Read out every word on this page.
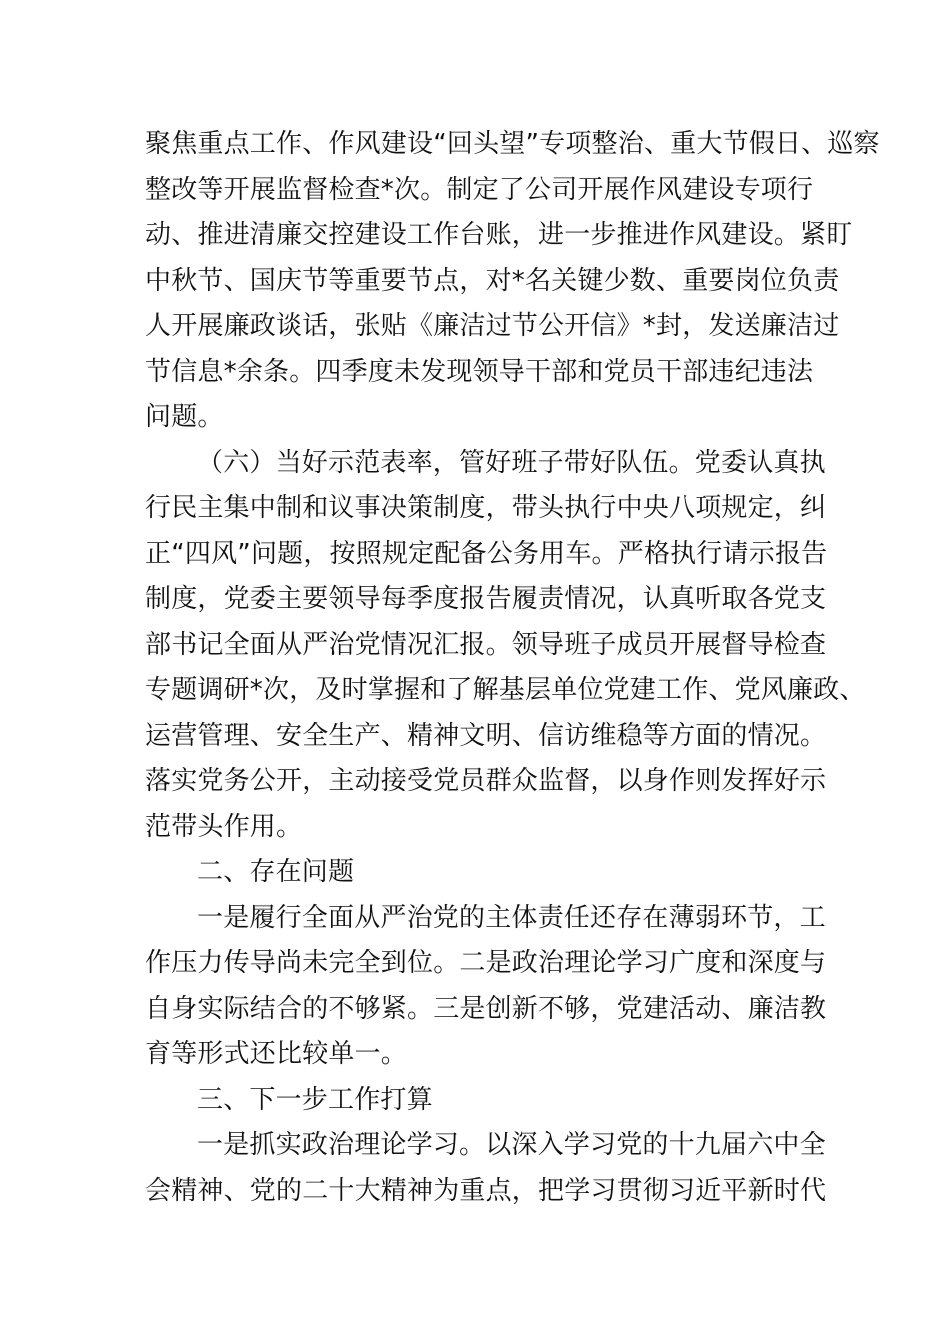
聚焦重点工作、作风建设“回头望”专项整治、重大节假日、巡察
整改等开展监督检查*次。制定了公司开展作风建设专项行
动、推进清廉交控建设工作台账，进一步推进作风建设。紧盯
中秋节、国庆节等重要节点，对*名关键少数、重要岗位负责
人开展廉政谈话，张贴《廉洁过节公开信》*封，发送廉洁过
节信息*余条。四季度未发现领导干部和党员干部违纪违法
问题。
（六）当好示范表率，管好班子带好队伍。党委认真执
行民主集中制和议事决策制度，带头执行中央八项规定，纠
正“四风”问题，按照规定配备公务用车。严格执行请示报告
制度，党委主要领导每季度报告履责情况，认真听取各党支
部书记全面从严治党情况汇报。领导班子成员开展督导检查
专题调研*次，及时掌握和了解基层单位党建工作、党风廉政、
运营管理、安全生产、精神文明、信访维稳等方面的情况。
落实党务公开，主动接受党员群众监督，以身作则发挥好示
范带头作用。
二、存在问题
一是履行全面从严治党的主体责任还存在薄弱环节，工
作压力传导尚未完全到位。二是政治理论学习广度和深度与
自身实际结合的不够紧。三是创新不够，党建活动、廉洁教
育等形式还比较单一。
三、下一步工作打算
一是抓实政治理论学习。以深入学习党的十九届六中全
会精神、党的二十大精神为重点，把学习贯彻习近平新时代
